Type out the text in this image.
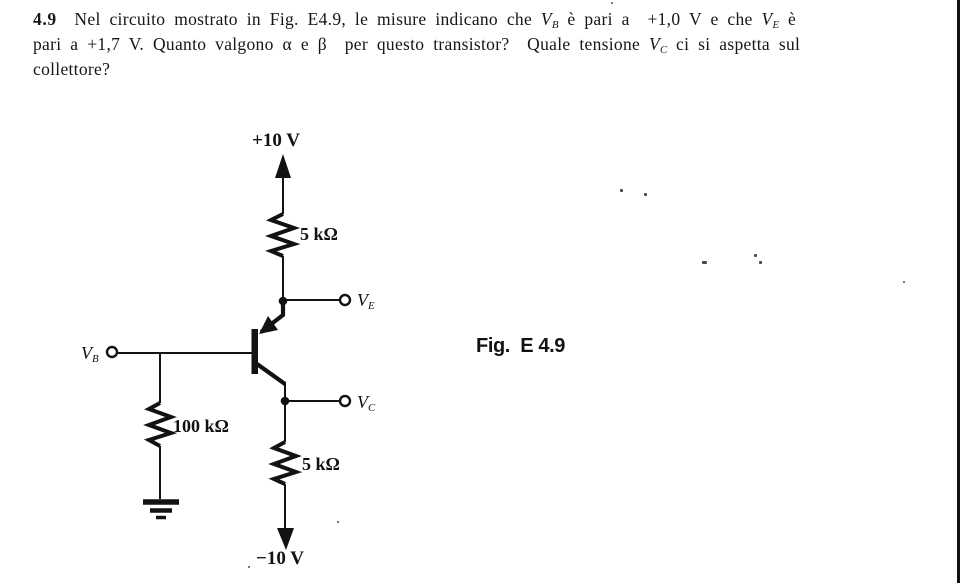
4.9  Nel circuito mostrato in Fig. E4.9, le misure indicano che VB è pari a  +1,0 V e che VE è
pari a +1,7 V. Quanto valgono α e β  per questo transistor?  Quale tensione VC ci si aspetta sul
collettore?
+10 V
5 kΩ
VE
VB
VC
100 kΩ
5 kΩ
−10 V
Fig.  E 4.9
